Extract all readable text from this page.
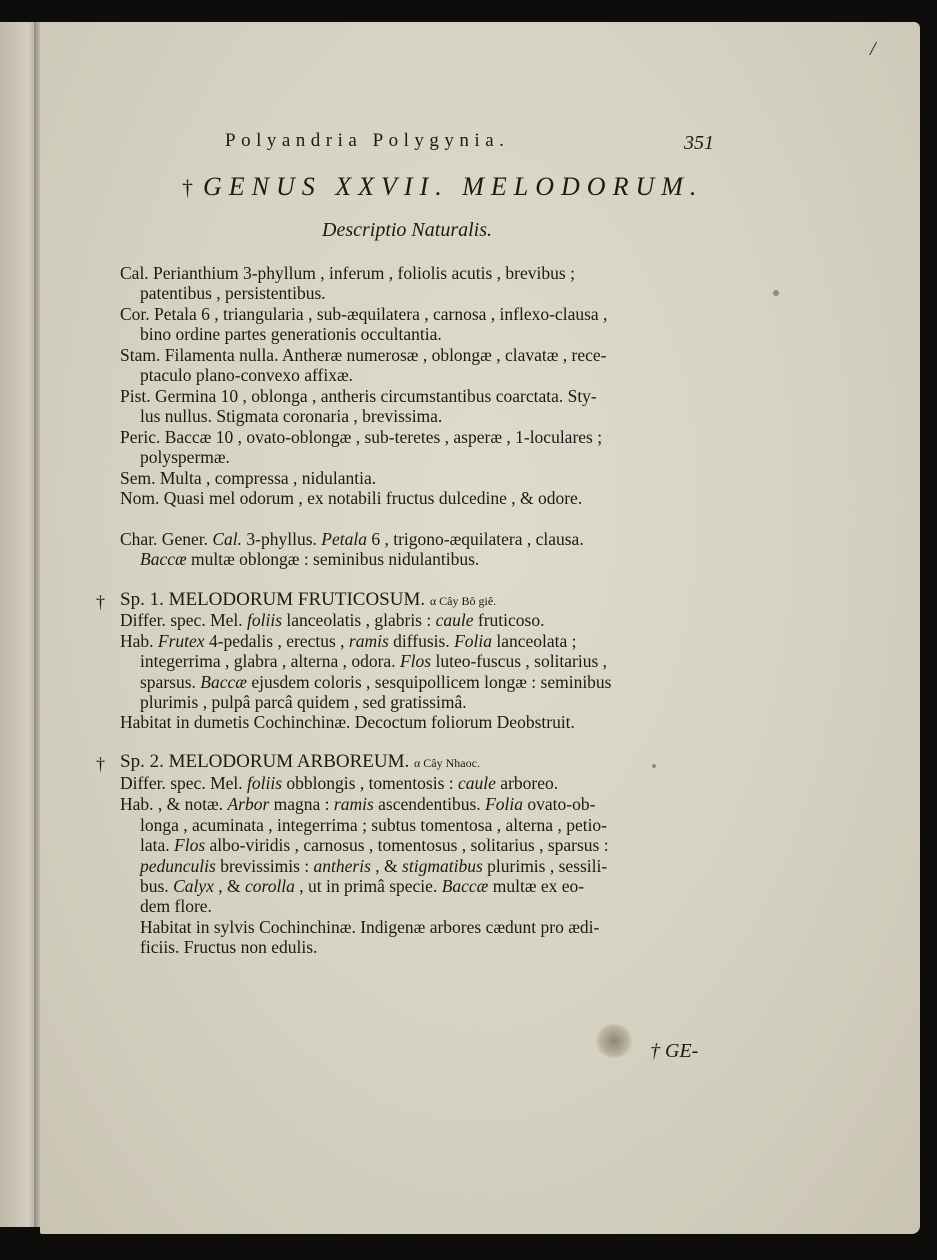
/
Polyandria Polygynia.	351
† GENUS XXVII. MELODORUM.
Descriptio Naturalis.
Cal. Perianthium 3-phyllum , inferum , foliolis acutis , brevibus ;
patentibus , persistentibus.
Cor. Petala 6 , triangularia , sub-æquilatera , carnosa , inflexo-clausa ,
bino ordine partes generationis occultantia.
Stam. Filamenta nulla. Antheræ numerosæ , oblongæ , clavatæ , rece-
ptaculo plano-convexo affixæ.
Pist. Germina 10 , oblonga , antheris circumstantibus coarctata. Sty-
lus nullus. Stigmata coronaria , brevissima.
Peric. Baccæ 10 , ovato-oblongæ , sub-teretes , asperæ , 1-loculares ;
polyspermæ.
Sem. Multa , compressa , nidulantia.
Nom. Quasi mel odorum , ex notabili fructus dulcedine , & odore.
Char. Gener. Cal. 3-phyllus. Petala 6 , trigono-æquilatera , clausa.
Baccæ multæ oblongæ : seminibus nidulantibus.
† Sp. 1. MELODORUM FRUTICOSUM. α Cây Bô giê.
Differ. spec. Mel. foliis lanceolatis , glabris : caule fruticoso.
Hab. Frutex 4-pedalis , erectus , ramis diffusis. Folia lanceolata ;
integerrima , glabra , alterna , odora. Flos luteo-fuscus , solitarius ,
sparsus. Baccæ ejusdem coloris , sesquipollicem longæ : seminibus
plurimis , pulpâ parcâ quidem , sed gratissimâ.
Habitat in dumetis Cochinchinæ. Decoctum foliorum Deobstruit.
† Sp. 2. MELODORUM ARBOREUM. α Cây Nhaoc.
Differ. spec. Mel. foliis obblongis , tomentosis : caule arboreo.
Hab. , & notæ. Arbor magna : ramis ascendentibus. Folia ovato-ob-
longa , acuminata , integerrima ; subtus tomentosa , alterna , petio-
lata. Flos albo-viridis , carnosus , tomentosus , solitarius , sparsus :
pedunculis brevissimis : antheris , & stigmatibus plurimis , sessili-
bus. Calyx , & corolla , ut in primâ specie. Baccæ multæ ex eo-
dem flore.
Habitat in sylvis Cochinchinæ. Indigenæ arbores cædunt pro ædi-
ficiis. Fructus non edulis.
† GE-
